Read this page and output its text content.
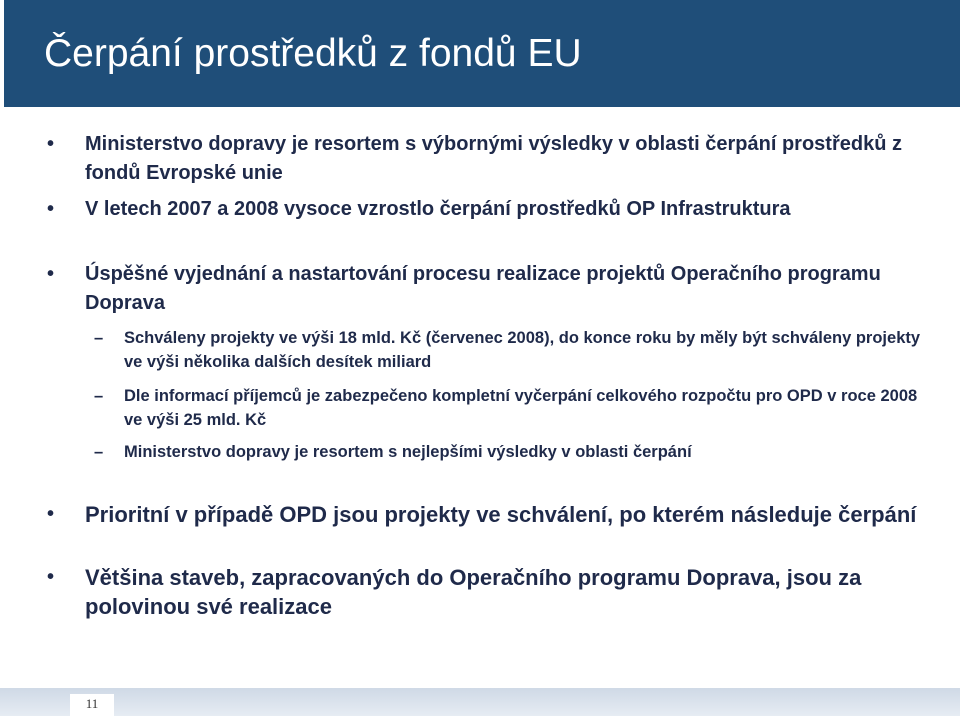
Čerpání prostředků z fondů EU
• Ministerstvo dopravy je resortem s výbornými výsledky v oblasti čerpání prostředků z fondů Evropské unie
• V letech 2007 a 2008 vysoce vzrostlo čerpání prostředků OP Infrastruktura
• Úspěšné vyjednání a nastartování procesu realizace projektů Operačního programu Doprava
– Schváleny projekty ve výši 18 mld. Kč (červenec 2008), do konce roku by měly být schváleny projekty ve výši několika dalších desítek miliard
– Dle informací příjemců je zabezpečeno kompletní vyčerpání celkového rozpočtu pro OPD v roce 2008 ve výši 25 mld. Kč
– Ministerstvo dopravy je resortem s nejlepšími výsledky v oblasti čerpání
• Prioritní v případě OPD jsou projekty ve schválení, po kterém následuje čerpání
• Většina staveb, zapracovaných do Operačního programu Doprava, jsou za polovinou své realizace
11
